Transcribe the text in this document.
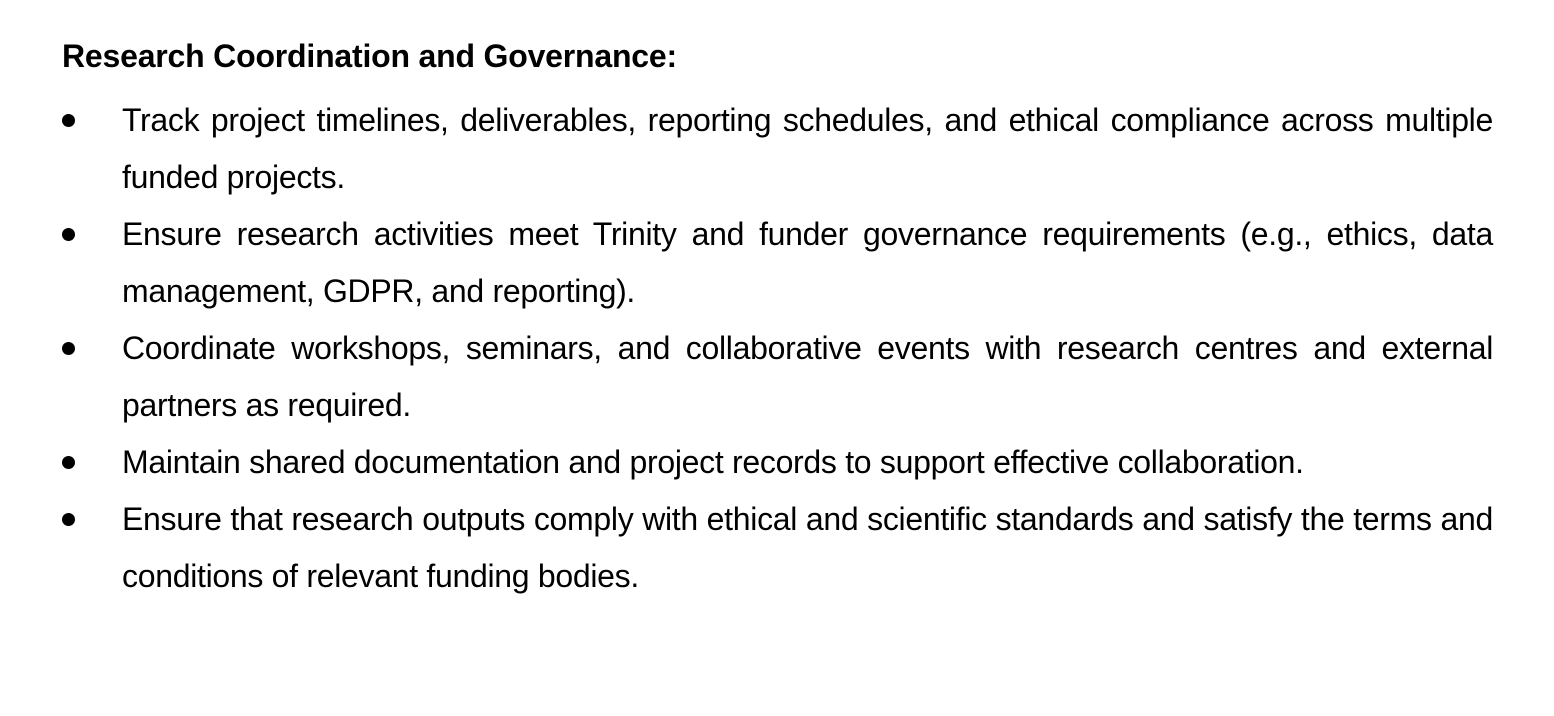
Research Coordination and Governance:
Track project timelines, deliverables, reporting schedules, and ethical compliance across multiple funded projects.
Ensure research activities meet Trinity and funder governance requirements (e.g., ethics, data management, GDPR, and reporting).
Coordinate workshops, seminars, and collaborative events with research centres and external partners as required.
Maintain shared documentation and project records to support effective collaboration.
Ensure that research outputs comply with ethical and scientific standards and satisfy the terms and conditions of relevant funding bodies.
